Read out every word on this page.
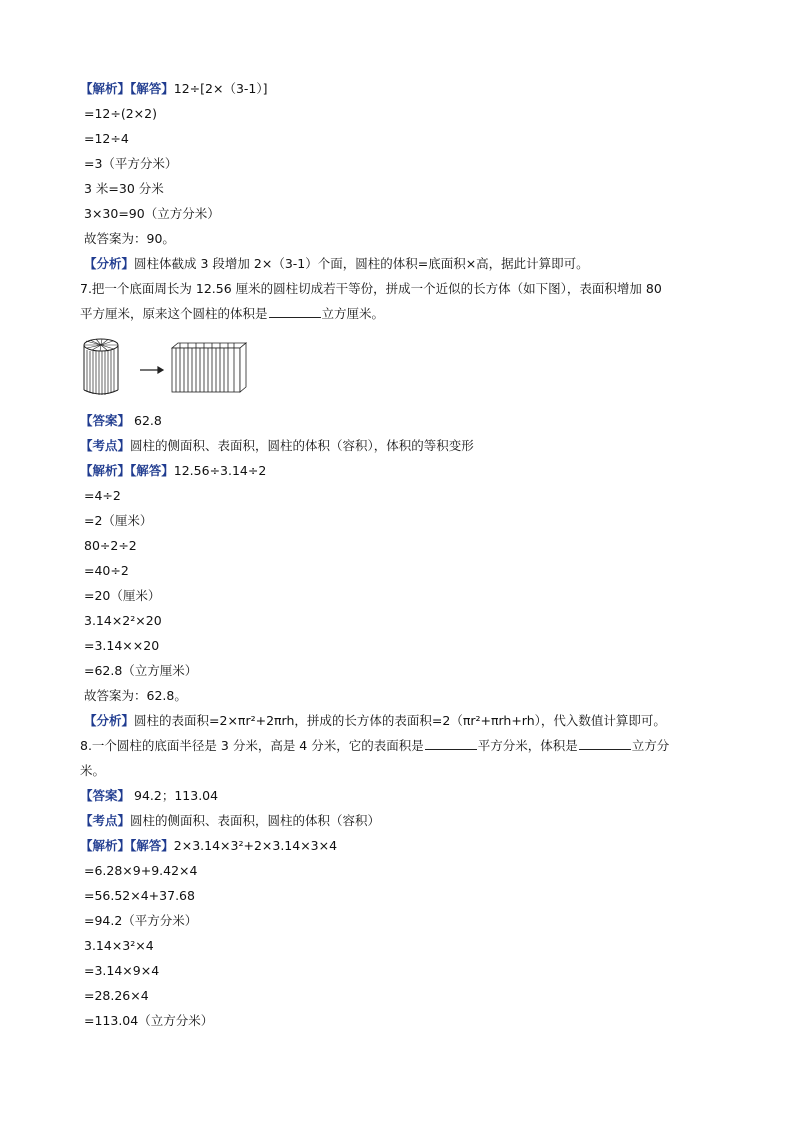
【解析】【解答】12÷[2×（3-1）]
=12÷(2×2)
=12÷4
=3（平方分米）
3 米=30 分米
3×30=90（立方分米）
故答案为：90。
【分析】圆柱体截成 3 段增加 2×（3-1）个面，圆柱的体积=底面积×高，据此计算即可。
7.把一个底面周长为 12.56 厘米的圆柱切成若干等份，拼成一个近似的长方体（如下图），表面积增加 80
平方厘米，原来这个圆柱的体积是	立方厘米。
【答案】 62.8
【考点】圆柱的侧面积、表面积，圆柱的体积（容积），体积的等积变形
【解析】【解答】12.56÷3.14÷2
=4÷2
=2（厘米）
80÷2÷2
=40÷2
=20（厘米）
3.14×2²×20
=3.14××20
=62.8（立方厘米）
故答案为：62.8。
【分析】圆柱的表面积=2×πr²+2πrh，拼成的长方体的表面积=2（πr²+πrh+rh），代入数值计算即可。
8.一个圆柱的底面半径是 3 分米，高是 4 分米，它的表面积是	平方分米，体积是	立方分
米。
【答案】 94.2；113.04
【考点】圆柱的侧面积、表面积，圆柱的体积（容积）
【解析】【解答】2×3.14×3²+2×3.14×3×4
=6.28×9+9.42×4
=56.52×4+37.68
=94.2（平方分米）
3.14×3²×4
=3.14×9×4
=28.26×4
=113.04（立方分米）
